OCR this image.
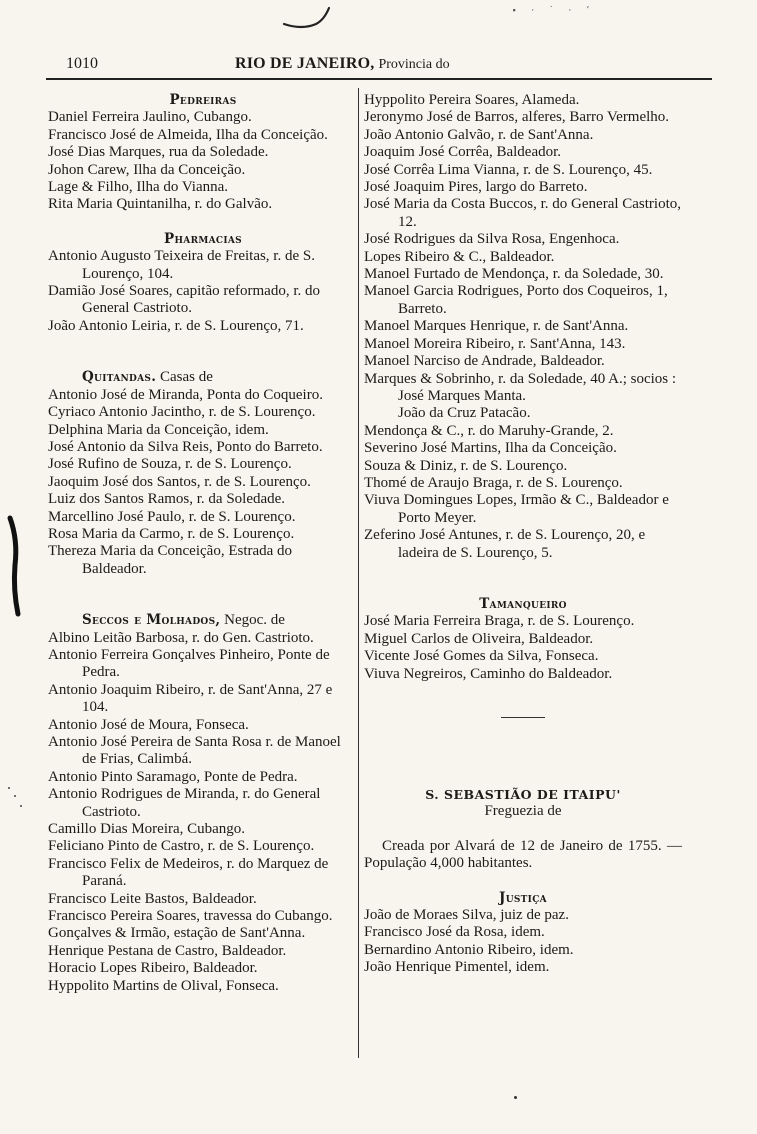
∙ · ˙ · ʼ
1010	RIO DE JANEIRO, Provincia do
Pedreiras
Daniel Ferreira Jaulino, Cubango.
Francisco José de Almeida, Ilha da Conceição.
José Dias Marques, rua da Soledade.
Johon Carew, Ilha da Conceição.
Lage & Filho, Ilha do Vianna.
Rita Maria Quintanilha, r. do Galvão.
Pharmacias
Antonio Augusto Teixeira de Freitas, r. de S. Lourenço, 104.
Damião José Soares, capitão reformado, r. do General Castrioto.
João Antonio Leiria, r. de S. Lourenço, 71.
Quitandas. Casas de
Antonio José de Miranda, Ponta do Coqueiro.
Cyriaco Antonio Jacintho, r. de S. Lourenço.
Delphina Maria da Conceição, idem.
José Antonio da Silva Reis, Ponto do Barreto.
José Rufino de Souza, r. de S. Lourenço.
Jaoquim José dos Santos, r. de S. Lourenço.
Luiz dos Santos Ramos, r. da Soledade.
Marcellino José Paulo, r. de S. Lourenço.
Rosa Maria da Carmo, r. de S. Lourenço.
Thereza Maria da Conceição, Estrada do Baldeador.
Seccos e Molhados, Negoc. de
Albino Leitão Barbosa, r. do Gen. Castrioto.
Antonio Ferreira Gonçalves Pinheiro, Ponte de Pedra.
Antonio Joaquim Ribeiro, r. de Sant'Anna, 27 e 104.
Antonio José de Moura, Fonseca.
Antonio José Pereira de Santa Rosa r. de Manoel de Frias, Calimbá.
Antonio Pinto Saramago, Ponte de Pedra.
Antonio Rodrigues de Miranda, r. do General Castrioto.
Camillo Dias Moreira, Cubango.
Feliciano Pinto de Castro, r. de S. Lourenço.
Francisco Felix de Medeiros, r. do Marquez de Paraná.
Francisco Leite Bastos, Baldeador.
Francisco Pereira Soares, travessa do Cubango.
Gonçalves & Irmão, estação de Sant'Anna.
Henrique Pestana de Castro, Baldeador.
Horacio Lopes Ribeiro, Baldeador.
Hyppolito Martins de Olival, Fonseca.
Hyppolito Pereira Soares, Alameda.
Jeronymo José de Barros, alferes, Barro Vermelho.
João Antonio Galvão, r. de Sant'Anna.
Joaquim José Corrêa, Baldeador.
José Corrêa Lima Vianna, r. de S. Lourenço, 45.
José Joaquim Pires, largo do Barreto.
José Maria da Costa Buccos, r. do General Castrioto, 12.
José Rodrigues da Silva Rosa, Engenhoca.
Lopes Ribeiro & C., Baldeador.
Manoel Furtado de Mendonça, r. da Soledade, 30.
Manoel Garcia Rodrigues, Porto dos Coqueiros, 1, Barreto.
Manoel Marques Henrique, r. de Sant'Anna.
Manoel Moreira Ribeiro, r. Sant'Anna, 143.
Manoel Narciso de Andrade, Baldeador.
Marques & Sobrinho, r. da Soledade, 40 A.; socios :
José Marques Manta.
João da Cruz Patacão.
Mendonça & C., r. do Maruhy-Grande, 2.
Severino José Martins, Ilha da Conceição.
Souza & Diniz, r. de S. Lourenço.
Thomé de Araujo Braga, r. de S. Lourenço.
Viuva Domingues Lopes, Irmão & C., Baldeador e Porto Meyer.
Zeferino José Antunes, r. de S. Lourenço, 20, e ladeira de S. Lourenço, 5.
Tamanqueiro
José Maria Ferreira Braga, r. de S. Lourenço.
Miguel Carlos de Oliveira, Baldeador.
Vicente José Gomes da Silva, Fonseca.
Viuva Negreiros, Caminho do Baldeador.
S. SEBASTIÃO DE ITAIPU'
Freguezia de
Creada por Alvará de 12 de Janeiro de 1755. — População 4,000 habitantes.
Justiça
João de Moraes Silva, juiz de paz.
Francisco José da Rosa, idem.
Bernardino Antonio Ribeiro, idem.
João Henrique Pimentel, idem.
